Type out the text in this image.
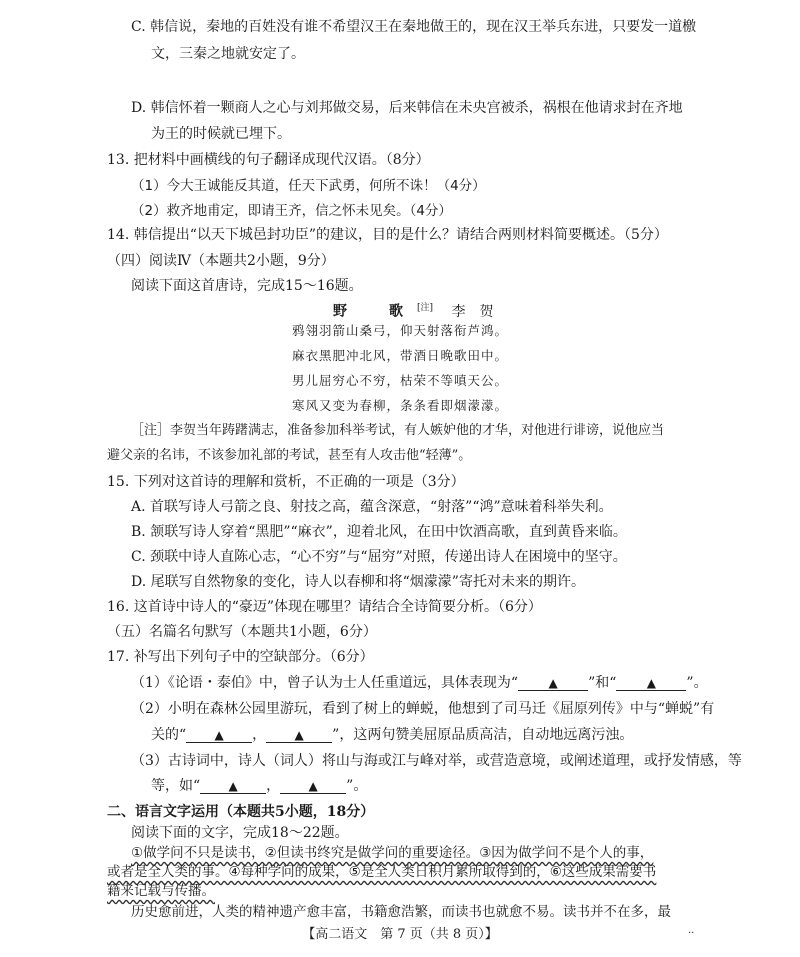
C. 韩信说，秦地的百姓没有谁不希望汉王在秦地做王的，现在汉王举兵东进，只要发一道檄
文，三秦之地就安定了。
D. 韩信怀着一颗商人之心与刘邦做交易，后来韩信在未央宫被杀，祸根在他请求封在齐地
为王的时候就已埋下。
13. 把材料中画横线的句子翻译成现代汉语。（8分）
（1）今大王诚能反其道，任天下武勇，何所不诛！（4分）
（2）救齐地甫定，即请王齐，信之怀未见矣。（4分）
14. 韩信提出“以天下城邑封功臣”的建议，目的是什么？请结合两则材料简要概述。（5分）
（四）阅读Ⅳ（本题共2小题，9分）
阅读下面这首唐诗，完成15～16题。
野　歌[注] 李　贺
鸦翎羽箭山桑弓，仰天射落衔芦鸿。
麻衣黑肥冲北风，带酒日晚歌田中。
男儿屈穷心不穷，枯荣不等嗔天公。
寒风又变为春柳，条条看即烟濛濛。
［注］李贺当年踌躇满志，准备参加科举考试，有人嫉妒他的才华，对他进行诽谤，说他应当
避父亲的名讳，不该参加礼部的考试，甚至有人攻击他“轻薄”。
15. 下列对这首诗的理解和赏析，不正确的一项是（3分）
A. 首联写诗人弓箭之良、射技之高，蕴含深意，“射落”“鸿”意味着科举失利。
B. 颔联写诗人穿着“黑肥”“麻衣”，迎着北风，在田中饮酒高歌，直到黄昏来临。
C. 颈联中诗人直陈心志，“心不穷”与“屈穷”对照，传递出诗人在困境中的坚守。
D. 尾联写自然物象的变化，诗人以春柳和将“烟濛濛”寄托对未来的期许。
16. 这首诗中诗人的“豪迈”体现在哪里？请结合全诗简要分析。（6分）
（五）名篇名句默写（本题共1小题，6分）
17. 补写出下列句子中的空缺部分。（6分）
（1）《论语・泰伯》中，曾子认为士人任重道远，具体表现为“	▲ ”和“	▲ ”。
（2）小明在森林公园里游玩，看到了树上的蝉蜕，他想到了司马迁《屈原列传》中与“蝉蜕”有
关的“ ▲ ， ▲ ”，这两句赞美屈原品质高洁，自动地远离污浊。
（3）古诗词中，诗人（词人）将山与海或江与峰对举，或营造意境，或阐述道理，或抒发情感，等
等，如“ ▲ ， ▲ ”。
二、语言文字运用（本题共5小题，18分）
阅读下面的文字，完成18～22题。
①做学问不只是读书，②但读书终究是做学问的重要途径。③因为做学问不是个人的事，
或者是全人类的事。④每种学问的成果，⑤是全人类日积月累所取得到的，⑥这些成果需要书
籍来记载与传播。
历史愈前进，人类的精神遗产愈丰富，书籍愈浩繁，而读书也就愈不易。读书并不在多，最
【高二语文　第 7 页（共 8 页）】	..
